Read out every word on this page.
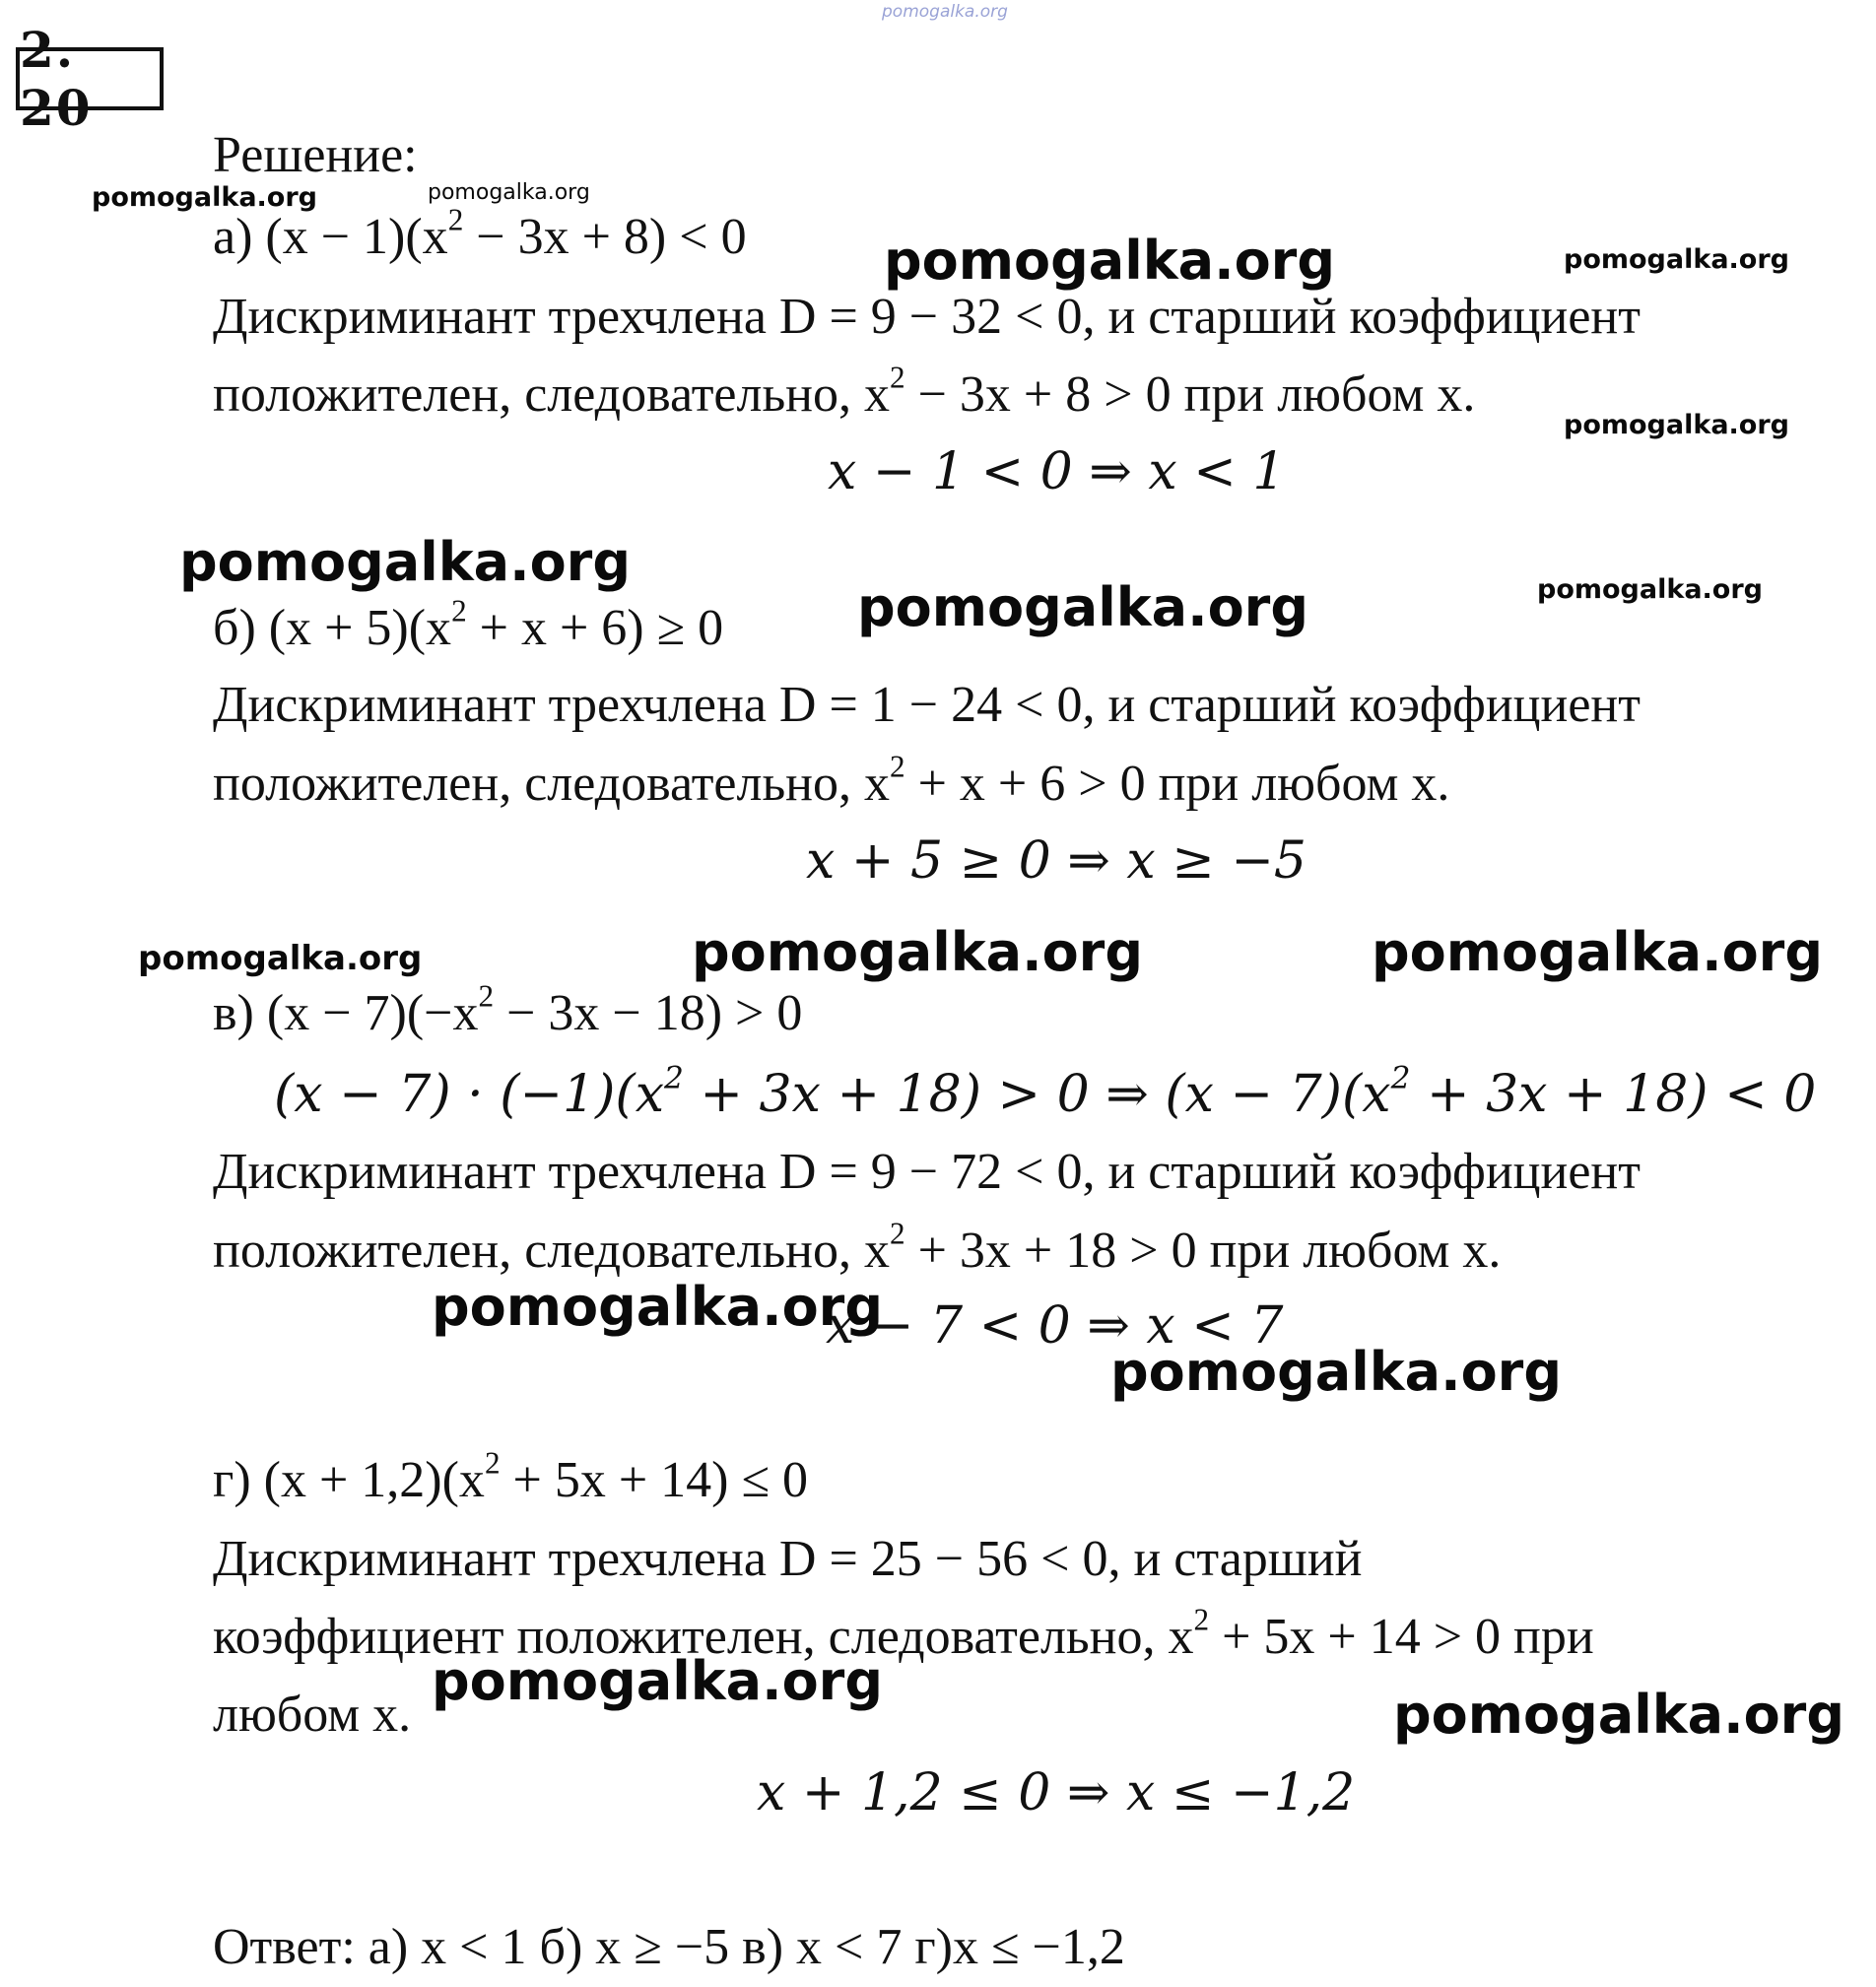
pomogalka.org
2. 20
Решение:
а) $(x - 1)(x^2 - 3x + 8) < 0$
Дискриминант трехчлена D = 9 − 32 < 0, и старший коэффициент
положителен, следовательно, $x^2 - 3x + 8 > 0$ при любом x.
x − 1 < 0 ⇒ x < 1
б) $(x + 5)(x^2 + x + 6) \ge 0$
Дискриминант трехчлена D = 1 − 24 < 0, и старший коэффициент
положителен, следовательно, $x^2 + x + 6 > 0$ при любом x.
x + 5 ≥ 0 ⇒ x ≥ −5
в) $(x - 7)(-x^2 - 3x - 18) > 0$
$(x - 7) \cdot (-1)(x^2 + 3x + 18) > 0$ ⇒ $(x - 7)(x^2 + 3x + 18) < 0$
Дискриминант трехчлена D = 9 − 72 < 0, и старший коэффициент
положителен, следовательно, $x^2 + 3x + 18 > 0$ при любом x.
x − 7 < 0 ⇒ x < 7
г) $(x + 1,2)(x^2 + 5x + 14) \le 0$
Дискриминант трехчлена D = 25 − 56 < 0, и старший
коэффициент положителен, следовательно, $x^2 + 5x + 14 > 0$ при
любом x.
x + 1,2 ≤ 0 ⇒ x ≤ −1,2
Ответ: а) x < 1 б) x ≥ −5 в) x < 7 г)x ≤ −1,2
pomogalka.org	pomogalka.org
pomogalka.org	pomogalka.org
pomogalka.org
pomogalka.org
pomogalka.org	pomogalka.org
pomogalka.org	pomogalka.org	pomogalka.org
pomogalka.org
pomogalka.org
pomogalka.org
pomogalka.org
